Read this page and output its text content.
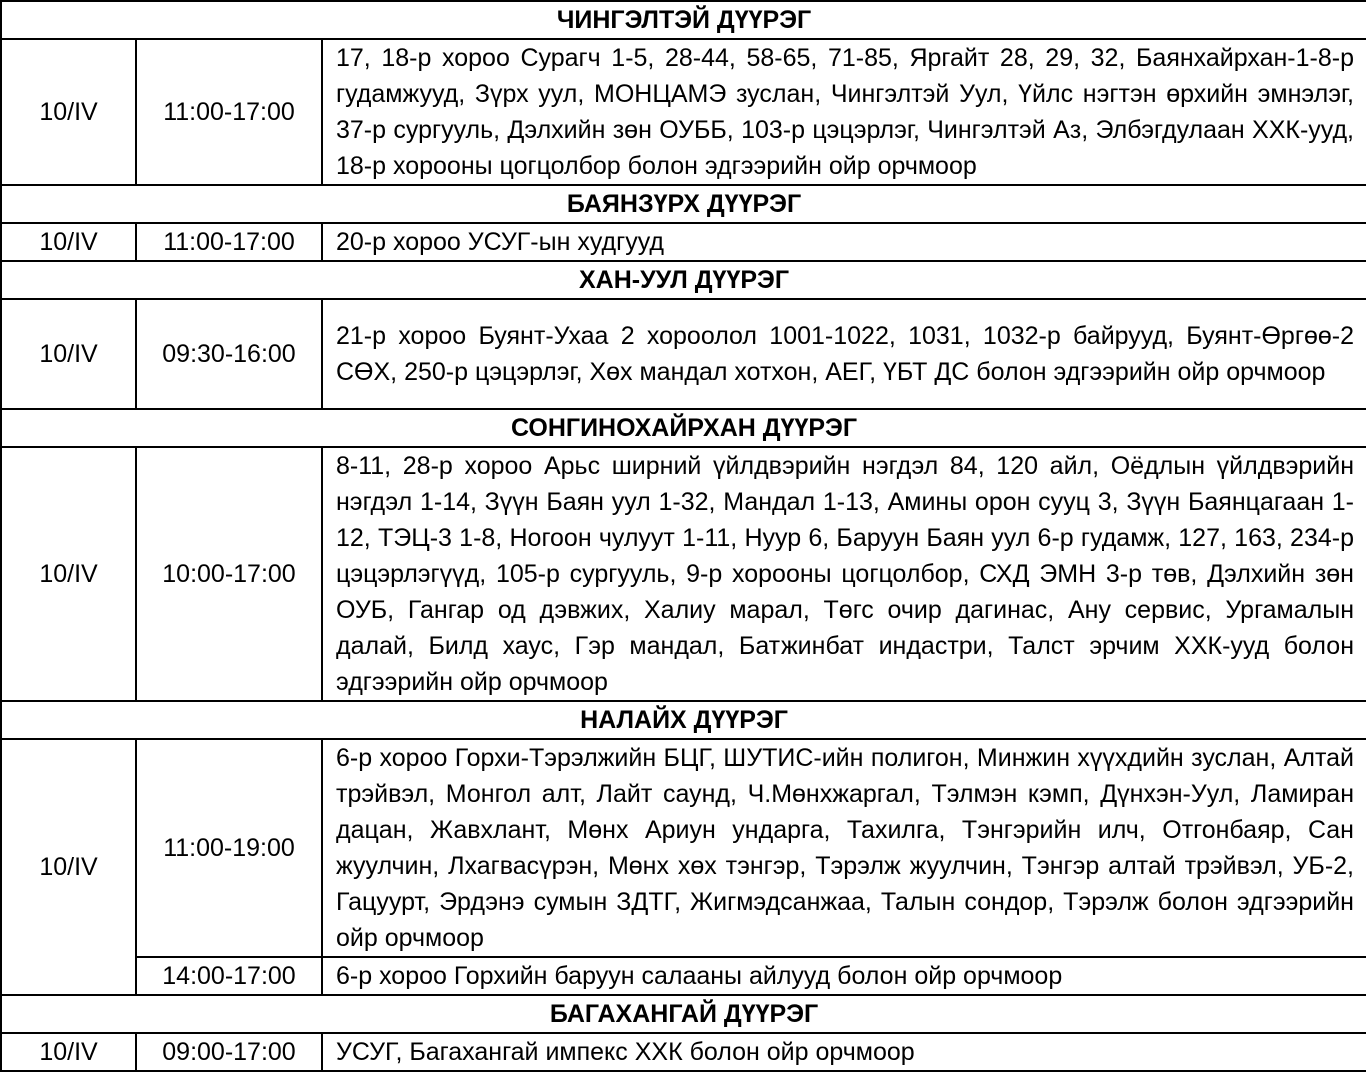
ЧИНГЭЛТЭЙ ДҮҮРЭГ		
10/IV	11:00-17:00	17, 18-р хороо Сурагч 1-5, 28-44, 58-65, 71-85, Яргайт 28, 29, 32, Баянхайрхан-1-8-р гудамжууд, Зүрх уул, МОНЦАМЭ зуслан, Чингэлтэй Уул, Үйлс нэгтэн өрхийн эмнэлэг, 37-р сургууль, Дэлхийн зөн ОУББ, 103-р цэцэрлэг, Чингэлтэй Аз, Элбэгдулаан ХХК-ууд, 18-р хорооны цогцолбор болон эдгээрийн ойр орчмоор
БАЯНЗҮРХ ДҮҮРЭГ		
10/IV	11:00-17:00	20-р хороо УСУГ-ын худгууд
ХАН-УУЛ ДҮҮРЭГ		
10/IV	09:30-16:00	21-р хороо Буянт-Ухаа 2 хороолол 1001-1022, 1031, 1032-р байрууд, Буянт-Өргөө-2 СӨХ, 250-р цэцэрлэг, Хөх мандал хотхон, АЕГ, ҮБТ ДС болон эдгээрийн ойр орчмоор
СОНГИНОХАЙРХАН ДҮҮРЭГ		
10/IV	10:00-17:00	8-11, 28-р хороо Арьс ширний үйлдвэрийн нэгдэл 84, 120 айл, Оёдлын үйлдвэрийн нэгдэл 1-14, Зүүн Баян уул 1-32, Мандал 1-13, Амины орон сууц 3, Зүүн Баянцагаан 1-12, ТЭЦ-3 1-8, Ногоон чулуут 1-11, Нуур 6, Баруун Баян уул 6-р гудамж, 127, 163, 234-р цэцэрлэгүүд, 105-р сургууль, 9-р хорооны цогцолбор, СХД ЭМН 3-р төв, Дэлхийн зөн ОУБ, Гангар од дэвжих, Халиу марал, Төгс очир дагинас, Ану сервис, Ургамалын далай, Билд хаус, Гэр мандал, Батжинбат индастри, Талст эрчим ХХК-ууд болон эдгээрийн ойр орчмоор
НАЛАЙХ ДҮҮРЭГ		
10/IV	11:00-19:00	6-р хороо Горхи-Тэрэлжийн БЦГ, ШУТИС-ийн полигон, Минжин хүүхдийн зуслан, Алтай трэйвэл, Монгол алт, Лайт саунд, Ч.Мөнхжаргал, Тэлмэн кэмп, Дүнхэн-Уул, Ламиран дацан, Жавхлант, Мөнх Ариун ундарга, Тахилга, Тэнгэрийн илч, Отгонбаяр, Сан жуулчин, Лхагвасүрэн, Мөнх хөх тэнгэр, Тэрэлж жуулчин, Тэнгэр алтай трэйвэл, УБ-2, Гацуурт, Эрдэнэ сумын ЗДТГ, Жигмэдсанжаа, Талын сондор, Тэрэлж болон эдгээрийн ойр орчмоор
	14:00-17:00	6-р хороо Горхийн баруун салааны айлууд болон ойр орчмоор
БАГАХАНГАЙ ДҮҮРЭГ		
10/IV	09:00-17:00	УСУГ, Багахангай импекс ХХК болон ойр орчмоор
